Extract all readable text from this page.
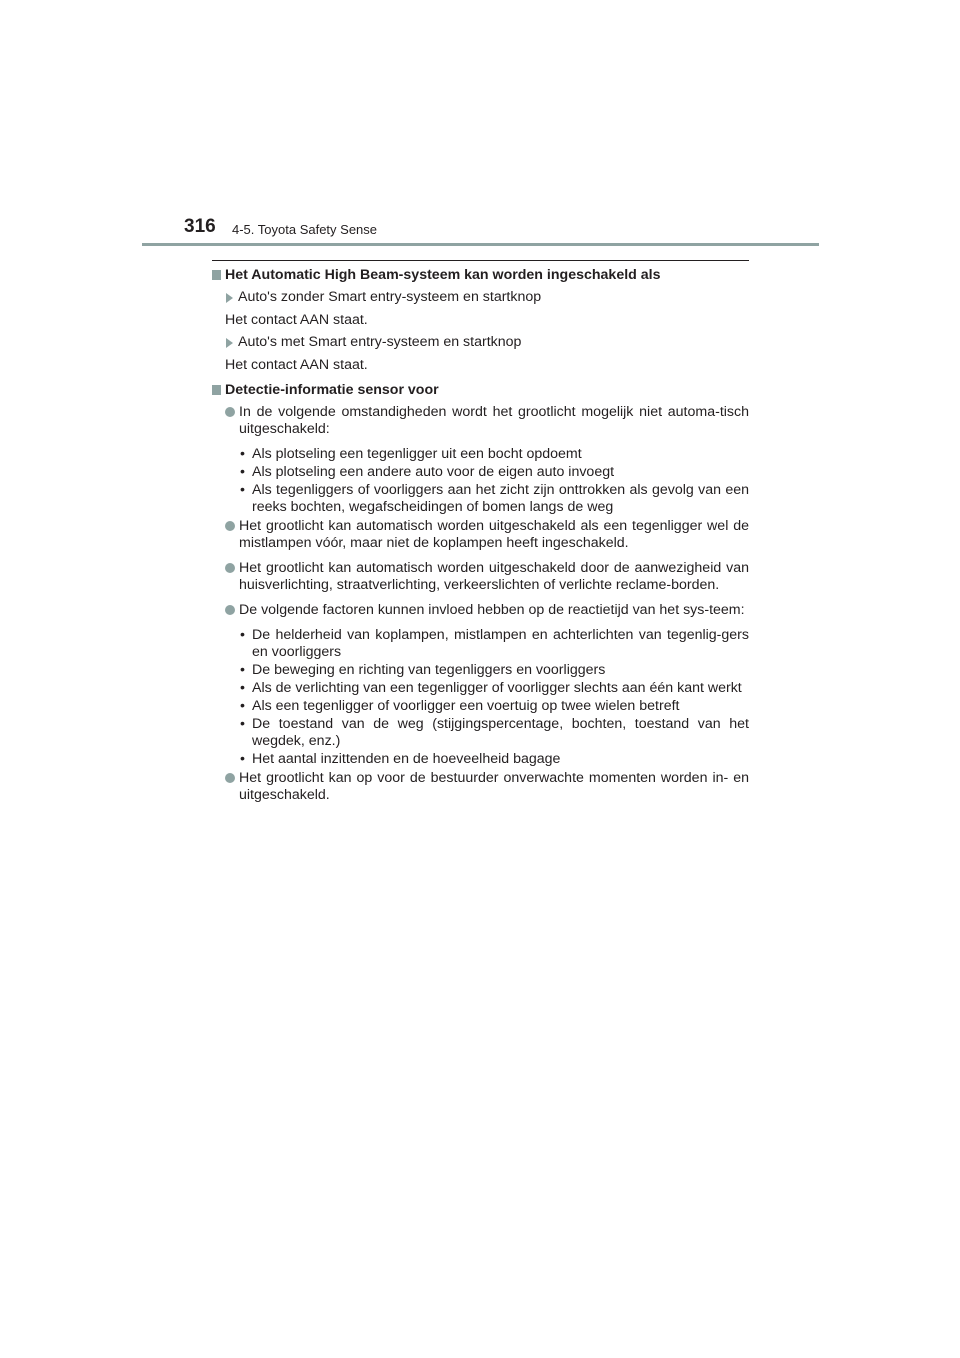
316 4-5. Toyota Safety Sense
Het Automatic High Beam-systeem kan worden ingeschakeld als
Auto's zonder Smart entry-systeem en startknop
Het contact AAN staat.
Auto's met Smart entry-systeem en startknop
Het contact AAN staat.
Detectie-informatie sensor voor
In de volgende omstandigheden wordt het grootlicht mogelijk niet automa-tisch uitgeschakeld:
• Als plotseling een tegenligger uit een bocht opdoemt
• Als plotseling een andere auto voor de eigen auto invoegt
• Als tegenliggers of voorliggers aan het zicht zijn onttrokken als gevolg van een reeks bochten, wegafscheidingen of bomen langs de weg
Het grootlicht kan automatisch worden uitgeschakeld als een tegenligger wel de mistlampen vóór, maar niet de koplampen heeft ingeschakeld.
Het grootlicht kan automatisch worden uitgeschakeld door de aanwezigheid van huisverlichting, straatverlichting, verkeerslichten of verlichte reclame-borden.
De volgende factoren kunnen invloed hebben op de reactietijd van het sys-teem:
• De helderheid van koplampen, mistlampen en achterlichten van tegenlig-gers en voorliggers
• De beweging en richting van tegenliggers en voorliggers
• Als de verlichting van een tegenligger of voorligger slechts aan één kant werkt
• Als een tegenligger of voorligger een voertuig op twee wielen betreft
• De toestand van de weg (stijgingspercentage, bochten, toestand van het wegdek, enz.)
• Het aantal inzittenden en de hoeveelheid bagage
Het grootlicht kan op voor de bestuurder onverwachte momenten worden in- en uitgeschakeld.
